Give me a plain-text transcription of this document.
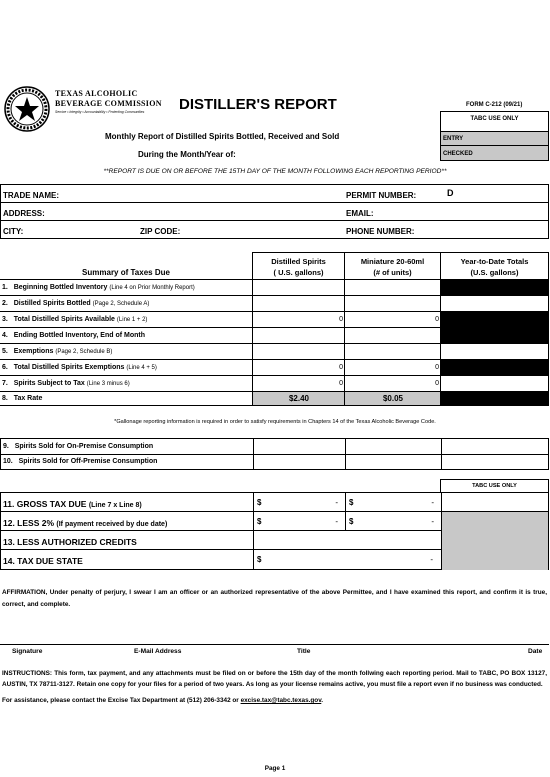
TEXAS ALCOHOLIC
BEVERAGE COMMISSION
Service • Integrity • Accountability • Protecting Communities DISTILLER'S REPORT	FORM C-212 (09/21)
TABC USE ONLY
ENTRY
CHECKED
Monthly Report of Distilled Spirits Bottled, Received and Sold
During the Month/Year of:
**REPORT IS DUE ON OR BEFORE THE 15TH DAY OF THE MONTH FOLLOWING EACH REPORTING PERIOD**
TRADE NAME:	PERMIT NUMBER:	D
ADDRESS:	EMAIL:
CITY:	ZIP CODE:	PHONE NUMBER:
Summary of Taxes Due
Distilled Spirits
( U.S. gallons)
Miniature 20-60ml
(# of units)
Year-to-Date Totals
(U.S. gallons)
1. Beginning Bottled Inventory (Line 4 on Prior Monthly Report)
2. Distilled Spirits Bottled (Page 2, Schedule A)
3. Total Distilled Spirits Available (Line 1 + 2)	0	0
4. Ending Bottled Inventory, End of Month
5. Exemptions (Page 2, Schedule B)
6. Total Distilled Spirits Exemptions (Line 4 + 5)	0	0
7. Spirits Subject to Tax (Line 3 minus 6)	0	0
8. Tax Rate	$2.40	$0.05
*Gallonage reporting information is required in order to satisfy requirements in Chapters 14 of the Texas Alcoholic Beverage Code.
9. Spirits Sold for On-Premise Consumption
10. Spirits Sold for Off-Premise Consumption
TABC USE ONLY
11. GROSS TAX DUE (Line 7 x Line 8)	$	- $	-
12. LESS 2% (If payment received by due date)	$	- $	-
13. LESS AUTHORIZED CREDITS
14. TAX DUE STATE	$	-
AFFIRMATION, Under penalty of perjury, I swear I am an officer or an authorized representative of the above Permittee, and I have examined this report, and confirm it is true, correct, and complete.
Signature	E-Mail Address	Title	Date
INSTRUCTIONS: This form, tax payment, and any attachments must be filed on or before the 15th day of the month follwing each reporting period. Mail to TABC, PO BOX 13127, AUSTIN, TX 78711-3127. Retain one copy for your files for a period of two years. As long as your license remains active, you must file a report even if no business was conducted.
For assistance, please contact the Excise Tax Department at (512) 206-3342 or excise.tax@tabc.texas.gov.
Page 1
